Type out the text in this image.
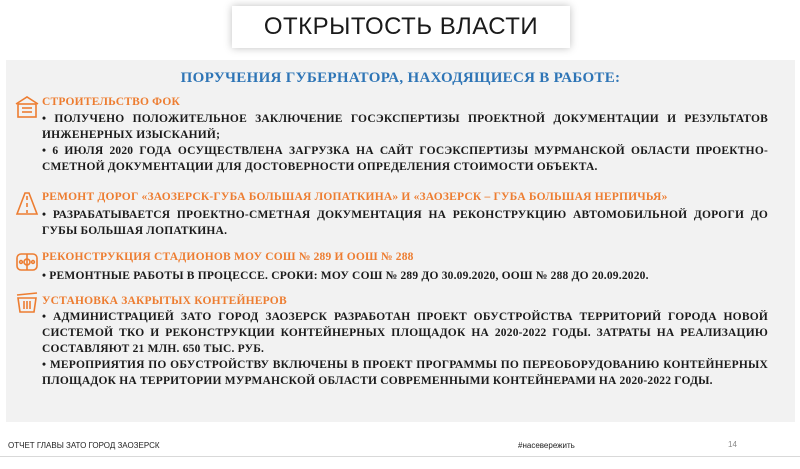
ОТКРЫТОСТЬ ВЛАСТИ
ПОРУЧЕНИЯ ГУБЕРНАТОРА, НАХОДЯЩИЕСЯ В РАБОТЕ:
СТРОИТЕЛЬСТВО ФОК
• ПОЛУЧЕНО ПОЛОЖИТЕЛЬНОЕ ЗАКЛЮЧЕНИЕ ГОСЭКСПЕРТИЗЫ ПРОЕКТНОЙ ДОКУМЕНТАЦИИ И РЕЗУЛЬТАТОВ ИНЖЕНЕРНЫХ ИЗЫСКАНИЙ;
• 6 ИЮЛЯ 2020 ГОДА ОСУЩЕСТВЛЕНА ЗАГРУЗКА НА САЙТ ГОСЭКСПЕРТИЗЫ МУРМАНСКОЙ ОБЛАСТИ ПРОЕКТНО-СМЕТНОЙ ДОКУМЕНТАЦИИ ДЛЯ ДОСТОВЕРНОСТИ ОПРЕДЕЛЕНИЯ СТОИМОСТИ ОБЪЕКТА.
РЕМОНТ ДОРОГ «ЗАОЗЕРСК-ГУБА БОЛЬШАЯ ЛОПАТКИНА» И «ЗАОЗЕРСК – ГУБА БОЛЬШАЯ НЕРПИЧЬЯ»
• РАЗРАБАТЫВАЕТСЯ ПРОЕКТНО-СМЕТНАЯ ДОКУМЕНТАЦИЯ НА РЕКОНСТРУКЦИЮ АВТОМОБИЛЬНОЙ ДОРОГИ ДО ГУБЫ БОЛЬШАЯ ЛОПАТКИНА.
РЕКОНСТРУКЦИЯ СТАДИОНОВ МОУ СОШ № 289 И ООШ № 288
• РЕМОНТНЫЕ РАБОТЫ В ПРОЦЕССЕ. СРОКИ: МОУ СОШ № 289 ДО 30.09.2020, ООШ № 288 ДО 20.09.2020.
УСТАНОВКА ЗАКРЫТЫХ КОНТЕЙНЕРОВ
• АДМИНИСТРАЦИЕЙ ЗАТО ГОРОД ЗАОЗЕРСК РАЗРАБОТАН ПРОЕКТ ОБУСТРОЙСТВА ТЕРРИТОРИЙ ГОРОДА НОВОЙ СИСТЕМОЙ ТКО И РЕКОНСТРУКЦИИ КОНТЕЙНЕРНЫХ ПЛОЩАДОК НА 2020-2022 ГОДЫ. ЗАТРАТЫ НА РЕАЛИЗАЦИЮ СОСТАВЛЯЮТ 21 МЛН. 650 ТЫС. РУБ.
• МЕРОПРИЯТИЯ ПО ОБУСТРОЙСТВУ ВКЛЮЧЕНЫ В ПРОЕКТ ПРОГРАММЫ ПО ПЕРЕОБОРУДОВАНИЮ КОНТЕЙНЕРНЫХ ПЛОЩАДОК НА ТЕРРИТОРИИ МУРМАНСКОЙ ОБЛАСТИ СОВРЕМЕННЫМИ КОНТЕЙНЕРАМИ НА 2020-2022 ГОДЫ.
ОТЧЕТ ГЛАВЫ ЗАТО ГОРОД ЗАОЗЕРСК	#насевережить	14
